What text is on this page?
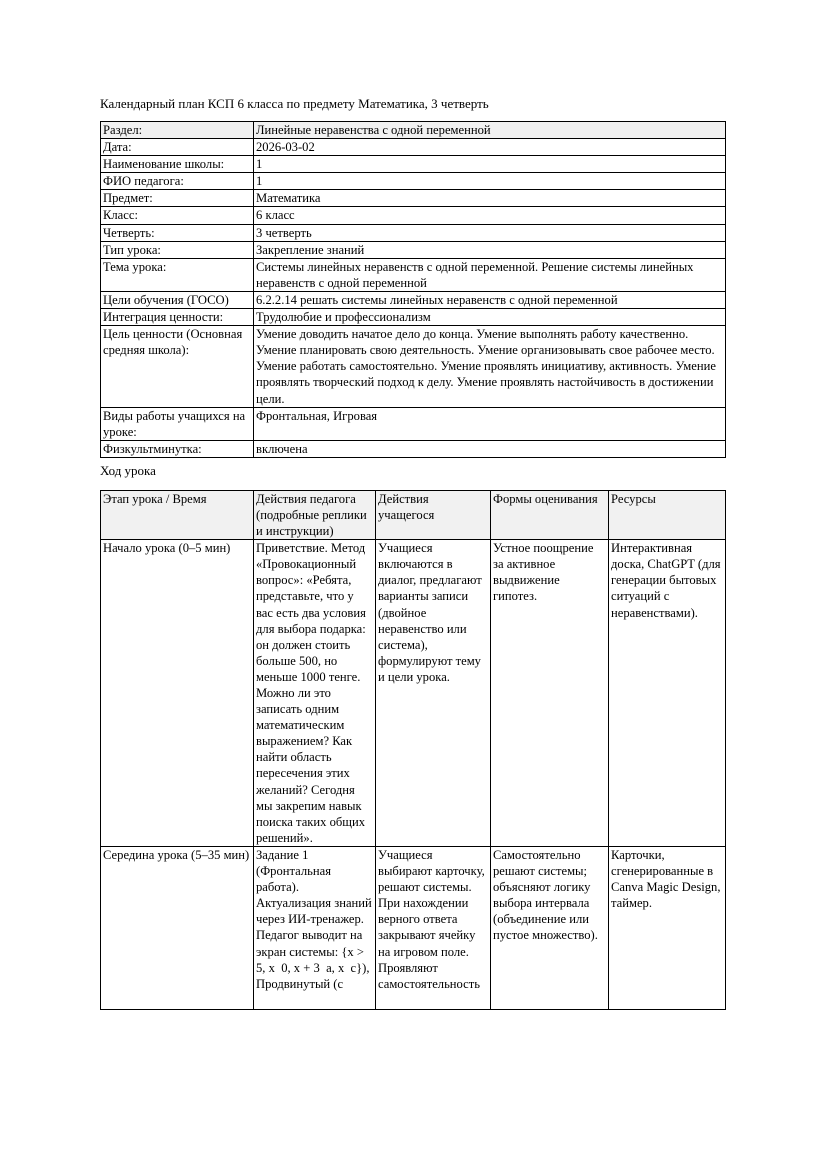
Календарный план КСП 6 класса по предмету Математика, 3 четверть
Раздел:	Линейные неравенства с одной переменной
Дата:	2026-03-02
Наименование школы:	1
ФИО педагога:	1
Предмет:	Математика
Класс:	6 класс
Четверть:	3 четверть
Тип урока:	Закрепление знаний
Тема урока:	Системы линейных неравенств с одной переменной. Решение системы линейных неравенств с одной переменной
Цели обучения (ГОСО)	6.2.2.14 решать системы линейных неравенств с одной переменной
Интеграция ценности:	Трудолюбие и профессионализм
Цель ценности (Основная средняя школа):	Умение доводить начатое дело до конца. Умение выполнять работу качественно. Умение планировать свою деятельность. Умение организовывать свое рабочее место. Умение работать самостоятельно. Умение проявлять инициативу, активность. Умение проявлять творческий подход к делу. Умение проявлять настойчивость в достижении цели.
Виды работы учащихся на уроке:	Фронтальная, Игровая
Физкультминутка:	включена
Ход урока
Этап урока / Время	Действия педагога (подробные реплики и инструкции)	Действия учащегося	Формы оценивания	Ресурсы

Начало урока (0–5 мин)	Приветствие. Метод «Провокационный вопрос»: «Ребята, представьте, что у вас есть два условия для выбора подарка: он должен стоить больше 500, но меньше 1000 тенге. Можно ли это записать одним математическим выражением? Как найти область пересечения этих желаний? Сегодня мы закрепим навык поиска таких общих решений».	Учащиеся включаются в диалог, предлагают варианты записи (двойное неравенство или система), формулируют тему и цели урока.	Устное поощрение за активное выдвижение гипотез.	Интерактивная доска, ChatGPT (для генерации бытовых ситуаций с неравенствами).

Середина урока (5–35 мин)	Задание 1 (Фронтальная работа). Актуализация знаний через ИИ-тренажер. Педагог выводит на экран системы: {x > 5, x  0, x + 3  a, x  c}), Продвинутый (с	Учащиеся выбирают карточку, решают системы. При нахождении верного ответа закрывают ячейку на игровом поле. Проявляют самостоятельность	Самостоятельно решают системы; объясняют логику выбора интервала (объединение или пустое множество).	Карточки, сгенерированные в Canva Magic Design, таймер.
